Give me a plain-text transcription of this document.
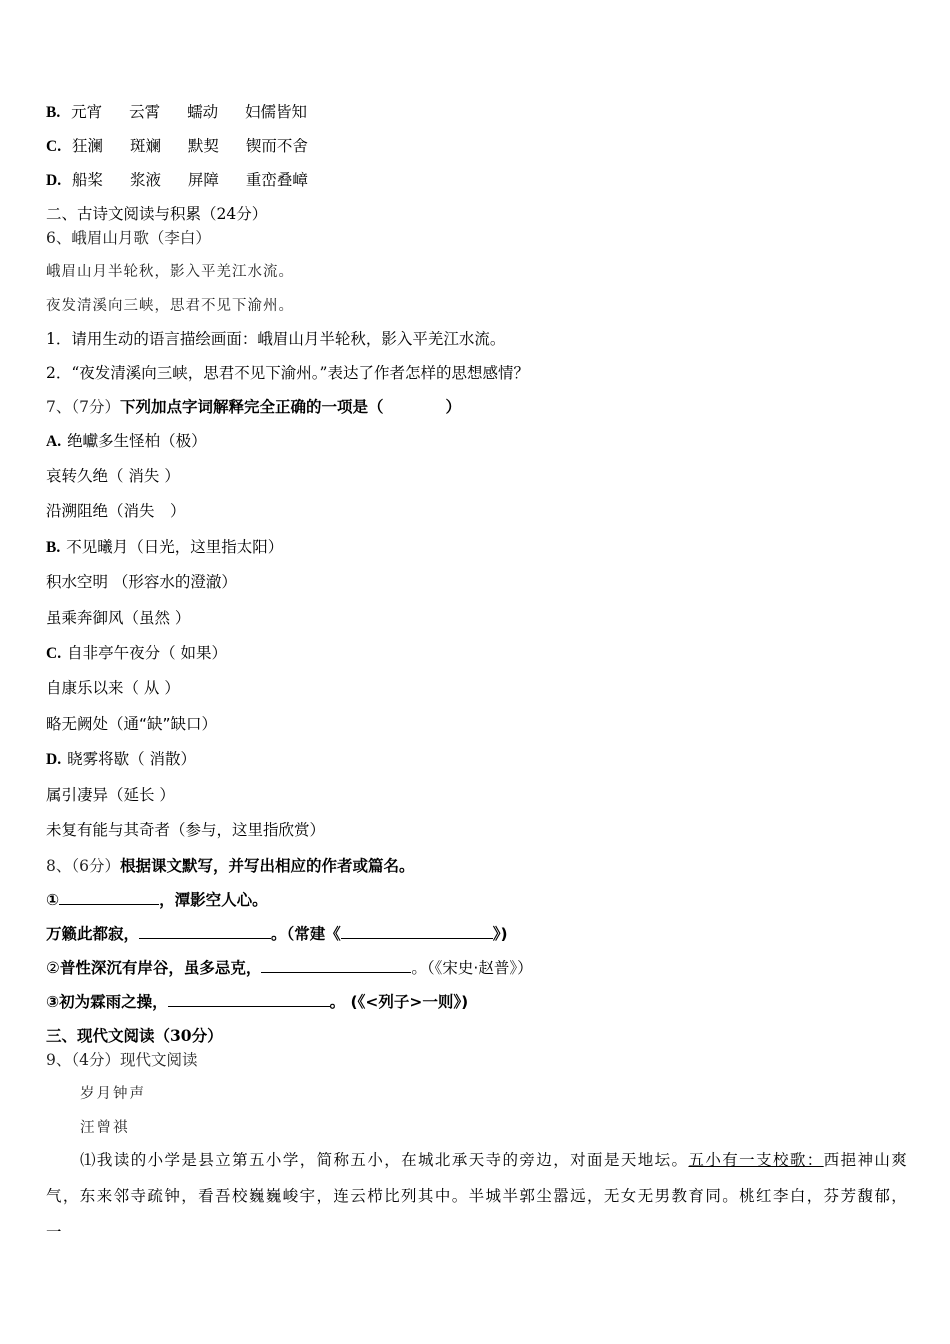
B. 元宵 云霄 蠕动 妇儒皆知
C. 狂澜 斑斓 默契 锲而不舍
D. 船桨 浆液 屏障 重峦叠嶂
二、古诗文阅读与积累（24分）
6、峨眉山月歌（李白）
峨眉山月半轮秋，影入平羌江水流。
夜发清溪向三峡，思君不见下渝州。
1．请用生动的语言描绘画面：峨眉山月半轮秋，影入平羌江水流。
2．“夜发清溪向三峡，思君不见下渝州。”表达了作者怎样的思想感情？
7、（7分）下列加点字词解释完全正确的一项是（　　　　）
A. 绝巘多生怪柏（极）
哀转久绝（ 消失 ）
沿溯阻绝（消失　）
B. 不见曦月（日光，这里指太阳）
积水空明 （形容水的澄澈）
虽乘奔御风（虽然 ）
C. 自非亭午夜分（ 如果）
自康乐以来（ 从 ）
略无阙处（通“缺”缺口）
D. 晓雾将歇（ 消散）
属引凄异（延长 ）
未复有能与其奇者（参与，这里指欣赏）
8、（6分）根据课文默写，并写出相应的作者或篇名。
①	，潭影空人心。
万籁此都寂，	。（常建《	》)
②普性深沉有岸谷，虽多忌克，	。（《宋史·赵普》）
③初为霖雨之操，	。 (《<列子>一则》)
三、现代文阅读（30分）
9、（4分）现代文阅读
岁月钟声
汪曾祺
⑴我读的小学是县立第五小学，简称五小，在城北承天寺的旁边，对面是天地坛。五小有一支校歌：西挹神山爽气，东来邻寺疏钟，看吾校巍巍峻宇，连云栉比列其中。半城半郭尘嚣远，无女无男教育同。桃红李白，芬芳馥郁，一
